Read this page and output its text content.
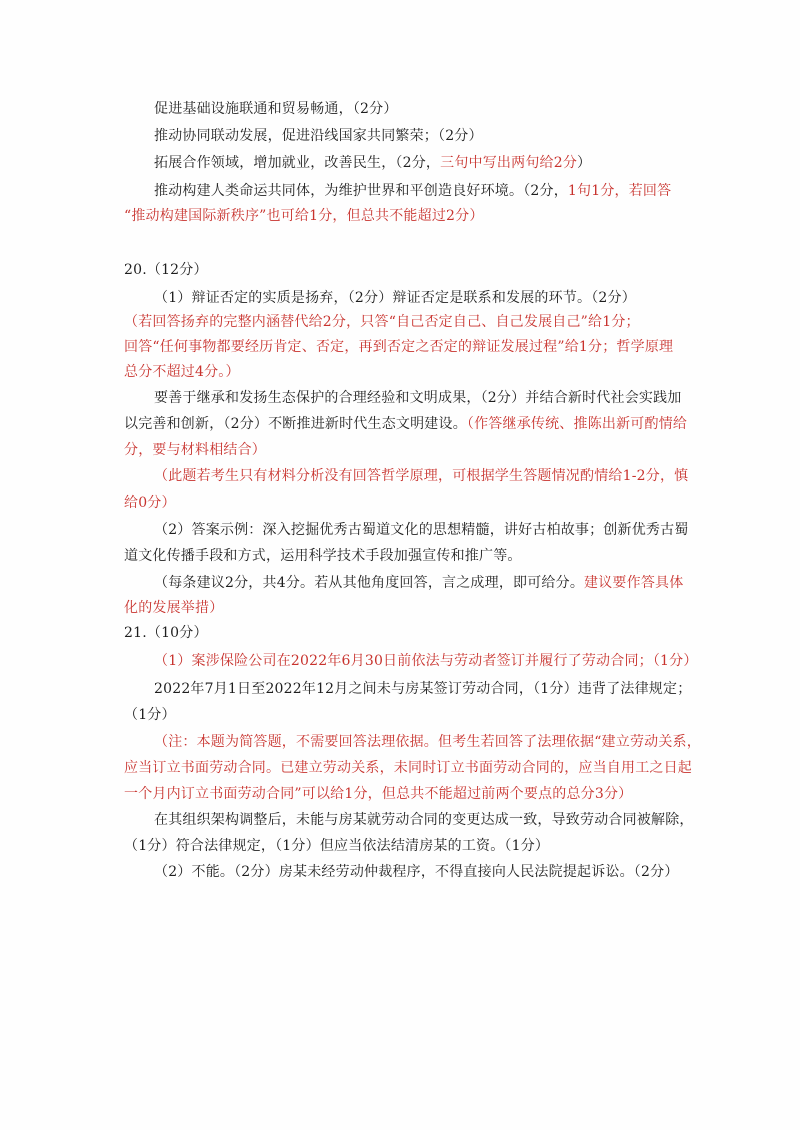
促进基础设施联通和贸易畅通，（2分）
推动协同联动发展，促进沿线国家共同繁荣；（2分）
拓展合作领域，增加就业，改善民生，（2分，三句中写出两句给2分）
推动构建人类命运共同体，为维护世界和平创造良好环境。（2分，1句1分，若回答
“推动构建国际新秩序”也可给1分，但总共不能超过2分）
20.（12分）
（1）辩证否定的实质是扬弃，（2分）辩证否定是联系和发展的环节。（2分）
（若回答扬弃的完整内涵替代给2分，只答“自己否定自己、自己发展自己”给1分；
回答“任何事物都要经历肯定、否定，再到否定之否定的辩证发展过程”给1分；哲学原理
总分不超过4分。）
要善于继承和发扬生态保护的合理经验和文明成果，（2分）并结合新时代社会实践加
以完善和创新，（2分）不断推进新时代生态文明建设。（作答继承传统、推陈出新可酌情给
分，要与材料相结合）
（此题若考生只有材料分析没有回答哲学原理，可根据学生答题情况酌情给1-2分，慎
给0分）
（2）答案示例：深入挖掘优秀古蜀道文化的思想精髓，讲好古柏故事；创新优秀古蜀
道文化传播手段和方式，运用科学技术手段加强宣传和推广等。
（每条建议2分，共4分。若从其他角度回答，言之成理，即可给分。建议要作答具体
化的发展举措）
21.（10分）
（1）案涉保险公司在2022年6月30日前依法与劳动者签订并履行了劳动合同；（1分）
2022年7月1日至2022年12月之间未与房某签订劳动合同，（1分）违背了法律规定；
（1分）
（注：本题为简答题，不需要回答法理依据。但考生若回答了法理依据“建立劳动关系，
应当订立书面劳动合同。已建立劳动关系，未同时订立书面劳动合同的，应当自用工之日起
一个月内订立书面劳动合同”可以给1分，但总共不能超过前两个要点的总分3分）
在其组织架构调整后，未能与房某就劳动合同的变更达成一致，导致劳动合同被解除，
（1分）符合法律规定，（1分）但应当依法结清房某的工资。（1分）
（2）不能。（2分）房某未经劳动仲裁程序，不得直接向人民法院提起诉讼。（2分）
